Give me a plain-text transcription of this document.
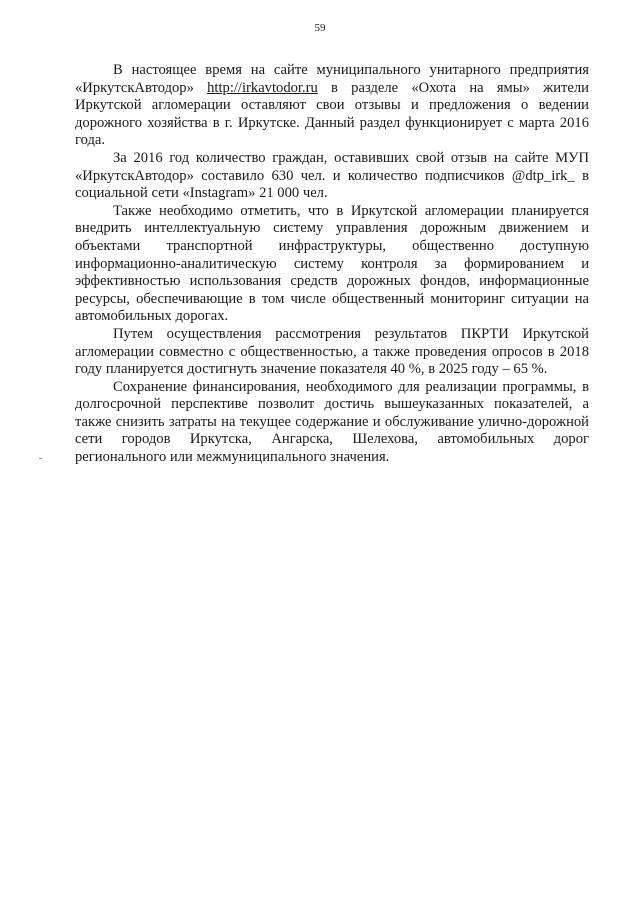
59

В настоящее время на сайте муниципального унитарного предприятия «ИркутскАвтодор» http://irkavtodor.ru в разделе «Охота на ямы» жители Иркутской агломерации оставляют свои отзывы и предложения о ведении дорожного хозяйства в г. Иркутске. Данный раздел функционирует с марта 2016 года.

За 2016 год количество граждан, оставивших свой отзыв на сайте МУП «ИркутскАвтодор» составило 630 чел. и количество подписчиков @dtp_irk_ в социальной сети «Instagram» 21 000 чел.

Также необходимо отметить, что в Иркутской агломерации планируется внедрить интеллектуальную систему управления дорожным движением и объектами транспортной инфраструктуры, общественно доступную информационно-аналитическую систему контроля за формированием и эффективностью использования средств дорожных фондов, информационные ресурсы, обеспечивающие в том числе общественный мониторинг ситуации на автомобильных дорогах.

Путем осуществления рассмотрения результатов ПКРТИ Иркутской агломерации совместно с общественностью, а также проведения опросов в 2018 году планируется достигнуть значение показателя 40 %, в 2025 году – 65 %.

Сохранение финансирования, необходимого для реализации программы, в долгосрочной перспективе позволит достичь вышеуказанных показателей, а также снизить затраты на текущее содержание и обслуживание улично-дорожной сети городов Иркутска, Ангарска, Шелехова, автомобильных дорог регионального или межмуниципального значения.
